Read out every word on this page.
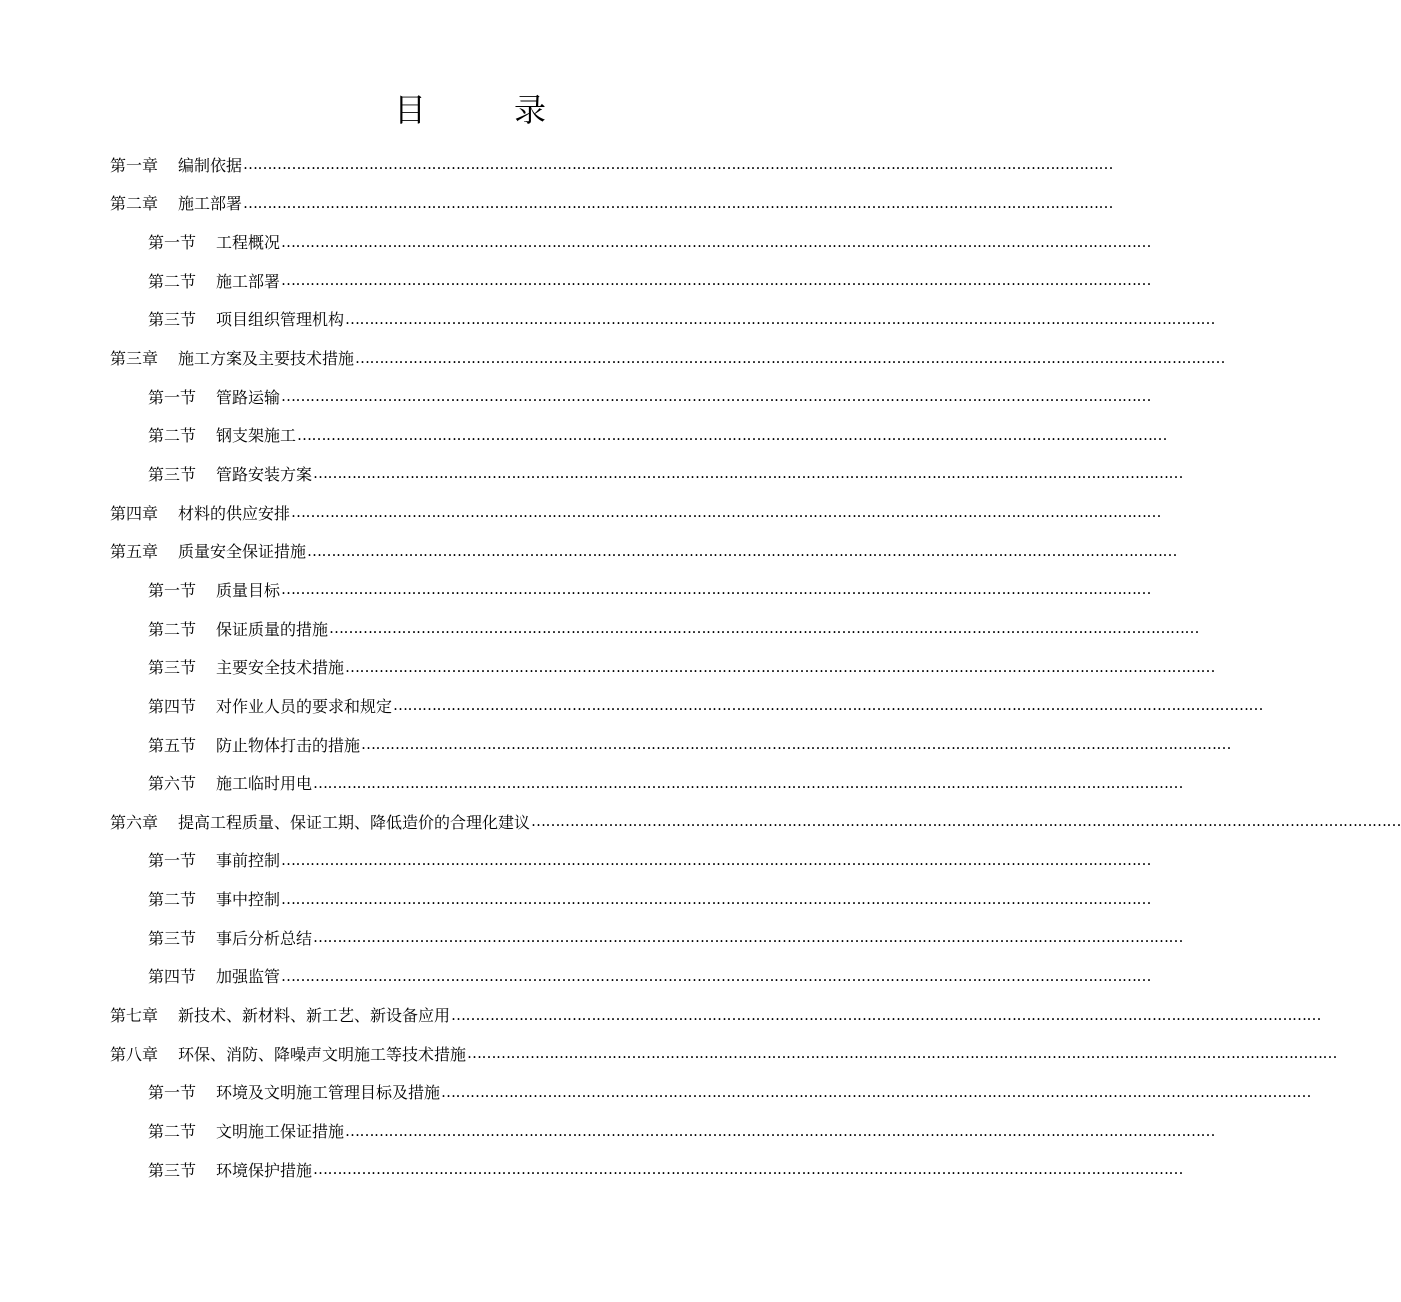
目	录
第一章 编制依据 ………………………………………………………………………………………………………………………………………………………………
第二章 施工部署 ………………………………………………………………………………………………………………………………………………………………
第一节 工程概况 ………………………………………………………………………………………………………………………………………………………………
第二节 施工部署 ………………………………………………………………………………………………………………………………………………………………
第三节 项目组织管理机构 ………………………………………………………………………………………………………………………………………………………………
第三章 施工方案及主要技术措施 ………………………………………………………………………………………………………………………………………………………………
第一节 管路运输 ………………………………………………………………………………………………………………………………………………………………
第二节 钢支架施工 ………………………………………………………………………………………………………………………………………………………………
第三节 管路安装方案 ………………………………………………………………………………………………………………………………………………………………
第四章 材料的供应安排 ………………………………………………………………………………………………………………………………………………………………
第五章 质量安全保证措施 ………………………………………………………………………………………………………………………………………………………………
第一节 质量目标 ………………………………………………………………………………………………………………………………………………………………
第二节 保证质量的措施 ………………………………………………………………………………………………………………………………………………………………
第三节 主要安全技术措施 ………………………………………………………………………………………………………………………………………………………………
第四节 对作业人员的要求和规定 ………………………………………………………………………………………………………………………………………………………………
第五节 防止物体打击的措施 ………………………………………………………………………………………………………………………………………………………………
第六节 施工临时用电 ………………………………………………………………………………………………………………………………………………………………
第六章 提高工程质量、保证工期、降低造价的合理化建议 ………………………………………………………………………………………………………………………………………………………………
第一节 事前控制 ………………………………………………………………………………………………………………………………………………………………
第二节 事中控制 ………………………………………………………………………………………………………………………………………………………………
第三节 事后分析总结 ………………………………………………………………………………………………………………………………………………………………
第四节 加强监管 ………………………………………………………………………………………………………………………………………………………………
第七章 新技术、新材料、新工艺、新设备应用 ………………………………………………………………………………………………………………………………………………………………
第八章 环保、消防、降噪声文明施工等技术措施 ………………………………………………………………………………………………………………………………………………………………
第一节 环境及文明施工管理目标及措施 ………………………………………………………………………………………………………………………………………………………………
第二节 文明施工保证措施 ………………………………………………………………………………………………………………………………………………………………
第三节 环境保护措施 ………………………………………………………………………………………………………………………………………………………………
